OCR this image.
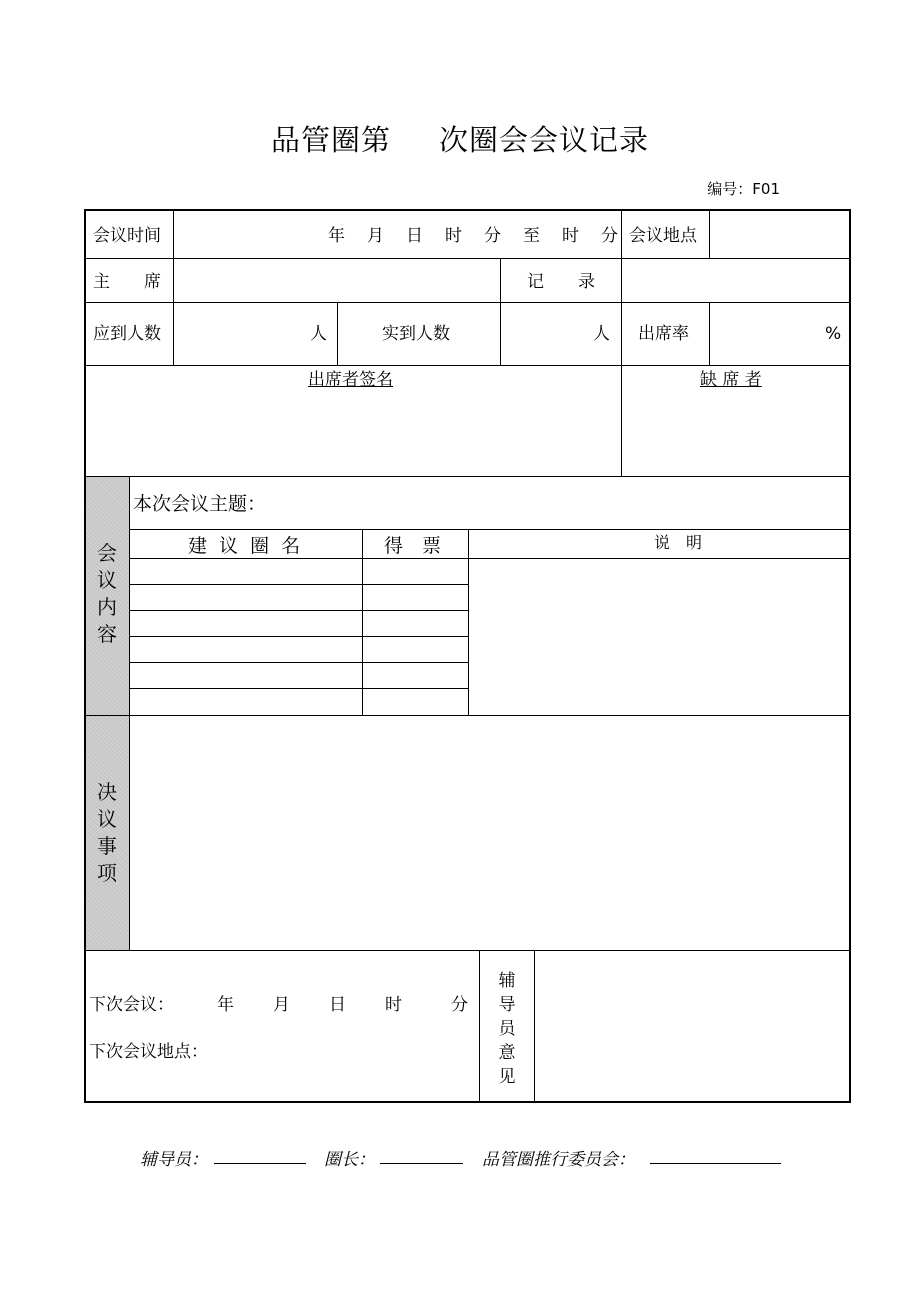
品管圈第 次圈会会议记录
编号：F01
会议时间	年 月 日 时 分 至 时 分 会议地点
主　　席	记　　录
应到人数	人	实到人数	人 出席率	%
出席者签名	缺 席 者
会
议
内
容
本次会议主题：
建 议 圈 名	得　票	说　明
决
议
事
项
下次会议：	年 月 日 时	分
下次会议地点：
辅
导
员
意
见
辅导员：	圈长：	品管圈推行委员会：
